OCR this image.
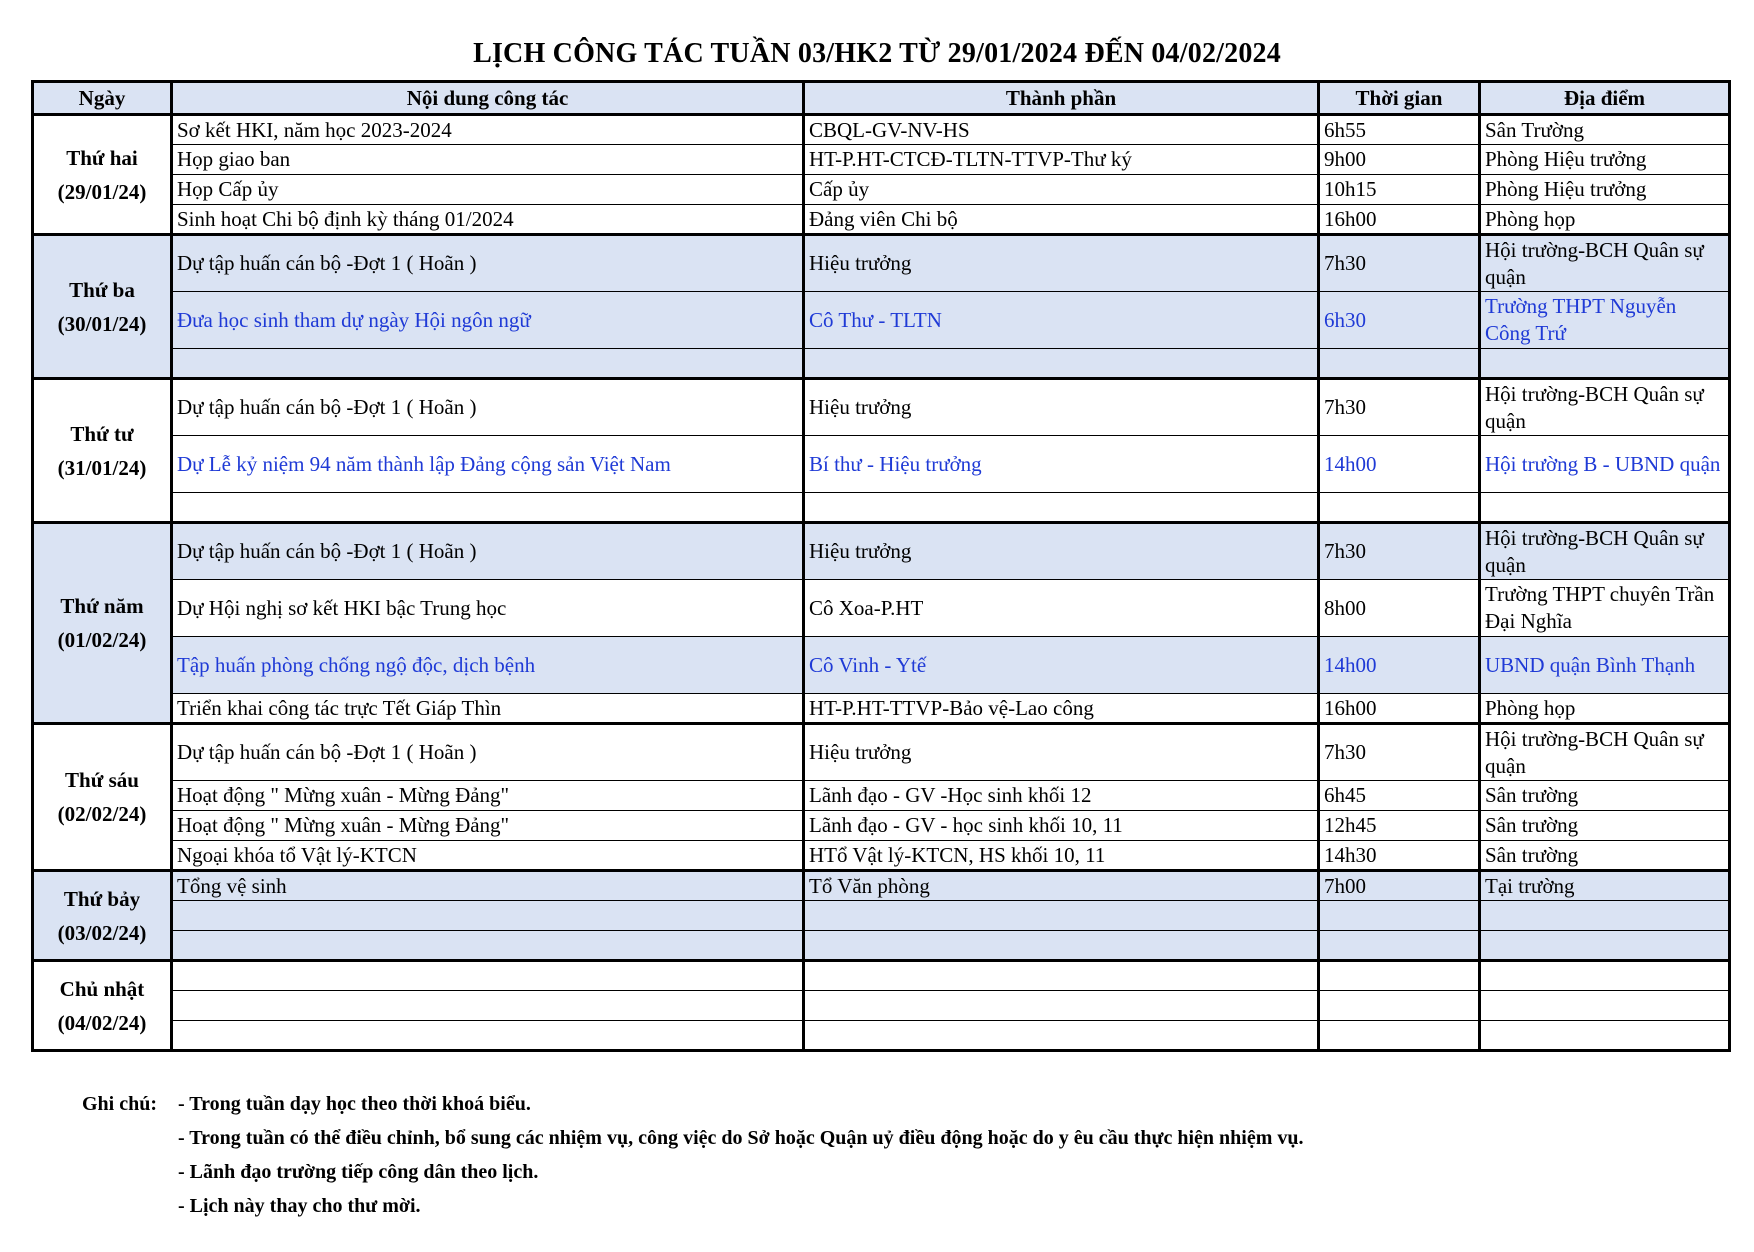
LỊCH CÔNG TÁC TUẦN 03/HK2 TỪ 29/01/2024 ĐẾN 04/02/2024
Ngày	Nội dung công tác	Thành phần	Thời gian	Địa điểm

Thứ hai
(29/01/24)	Sơ kết HKI, năm học 2023-2024	CBQL-GV-NV-HS	6h55	Sân Trường
	Họp giao ban	HT-P.HT-CTCĐ-TLTN-TTVP-Thư ký	9h00	Phòng Hiệu trưởng
	Họp Cấp ủy	Cấp ủy	10h15	Phòng Hiệu trưởng
	Sinh hoạt Chi bộ định kỳ tháng 01/2024	Đảng viên Chi bộ	16h00	Phòng họp

Thứ ba
(30/01/24)	Dự tập huấn cán bộ -Đợt 1 ( Hoãn )	Hiệu trưởng	7h30	Hội trường-BCH Quân sự quận
	Đưa học sinh tham dự ngày Hội ngôn ngữ	Cô Thư - TLTN	6h30	Trường THPT Nguyễn Công Trứ

Thứ tư
(31/01/24)	Dự tập huấn cán bộ -Đợt 1 ( Hoãn )	Hiệu trưởng	7h30	Hội trường-BCH Quân sự quận
	Dự Lễ kỷ niệm 94 năm thành lập Đảng cộng sản Việt Nam	Bí thư - Hiệu trưởng	14h00	Hội trường B - UBND quận

Thứ năm
(01/02/24)	Dự tập huấn cán bộ -Đợt 1 ( Hoãn )	Hiệu trưởng	7h30	Hội trường-BCH Quân sự quận
	Dự Hội nghị sơ kết HKI bậc Trung học	Cô Xoa-P.HT	8h00	Trường THPT chuyên Trần Đại Nghĩa
	Tập huấn phòng chống ngộ độc, dịch bệnh	Cô Vinh - Ytế	14h00	UBND quận Bình Thạnh
	Triển khai công tác trực Tết Giáp Thìn	HT-P.HT-TTVP-Bảo vệ-Lao công	16h00	Phòng họp

Thứ sáu
(02/02/24)	Dự tập huấn cán bộ -Đợt 1 ( Hoãn )	Hiệu trưởng	7h30	Hội trường-BCH Quân sự quận
	Hoạt động " Mừng xuân - Mừng Đảng"	Lãnh đạo - GV -Học sinh khối 12	6h45	Sân trường
	Hoạt động " Mừng xuân - Mừng Đảng"	Lãnh đạo - GV - học sinh khối 10, 11	12h45	Sân trường
	Ngoại khóa tổ Vật lý-KTCN	HTổ Vật lý-KTCN, HS khối 10, 11	14h30	Sân trường

Thứ bảy
(03/02/24)	Tổng vệ sinh	Tổ Văn phòng	7h00	Tại trường

Chủ nhật
(04/02/24)				

Ghi chú:	- Trong tuần dạy học theo thời khoá biểu.
- Trong tuần có thể điều chỉnh, bổ sung các nhiệm vụ, công việc do Sở hoặc Quận uỷ điều động hoặc do y êu cầu thực hiện nhiệm vụ.
- Lãnh đạo trường tiếp công dân theo lịch.
- Lịch này thay cho thư mời.
